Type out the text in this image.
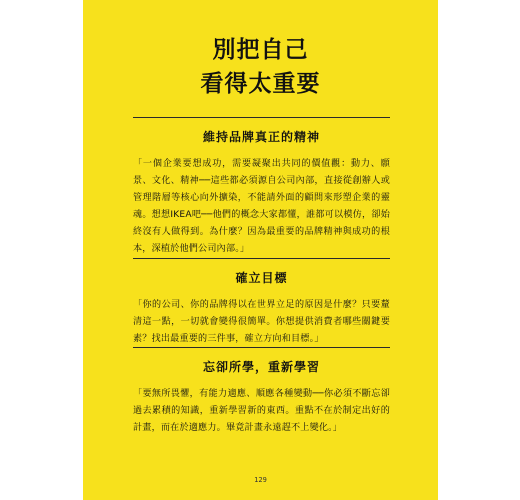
別把自己
看得太重要
維持品牌真正的精神
「一個企業要想成功，需要凝聚出共同的價值觀：動力、願景、文化、精神──這些都必須源自公司內部，直接從創辦人或管理階層等核心向外擴染，不能請外面的顧問來形塑企業的靈魂。想想IKEA吧──他們的概念大家都懂，誰都可以模仿，卻始終沒有人做得到。為什麼？因為最重要的品牌精神與成功的根本，深植於他們公司內部。」
確立目標
「你的公司、你的品牌得以在世界立足的原因是什麼？只要釐清這一點，一切就會變得很簡單。你想提供消費者哪些關鍵要素？找出最重要的三件事，確立方向和目標。」
忘卻所學，重新學習
「要無所畏懼，有能力適應、順應各種變動──你必須不斷忘卻過去累積的知識，重新學習新的東西。重點不在於制定出好的計畫，而在於適應力。畢竟計畫永遠趕不上變化。」
129
